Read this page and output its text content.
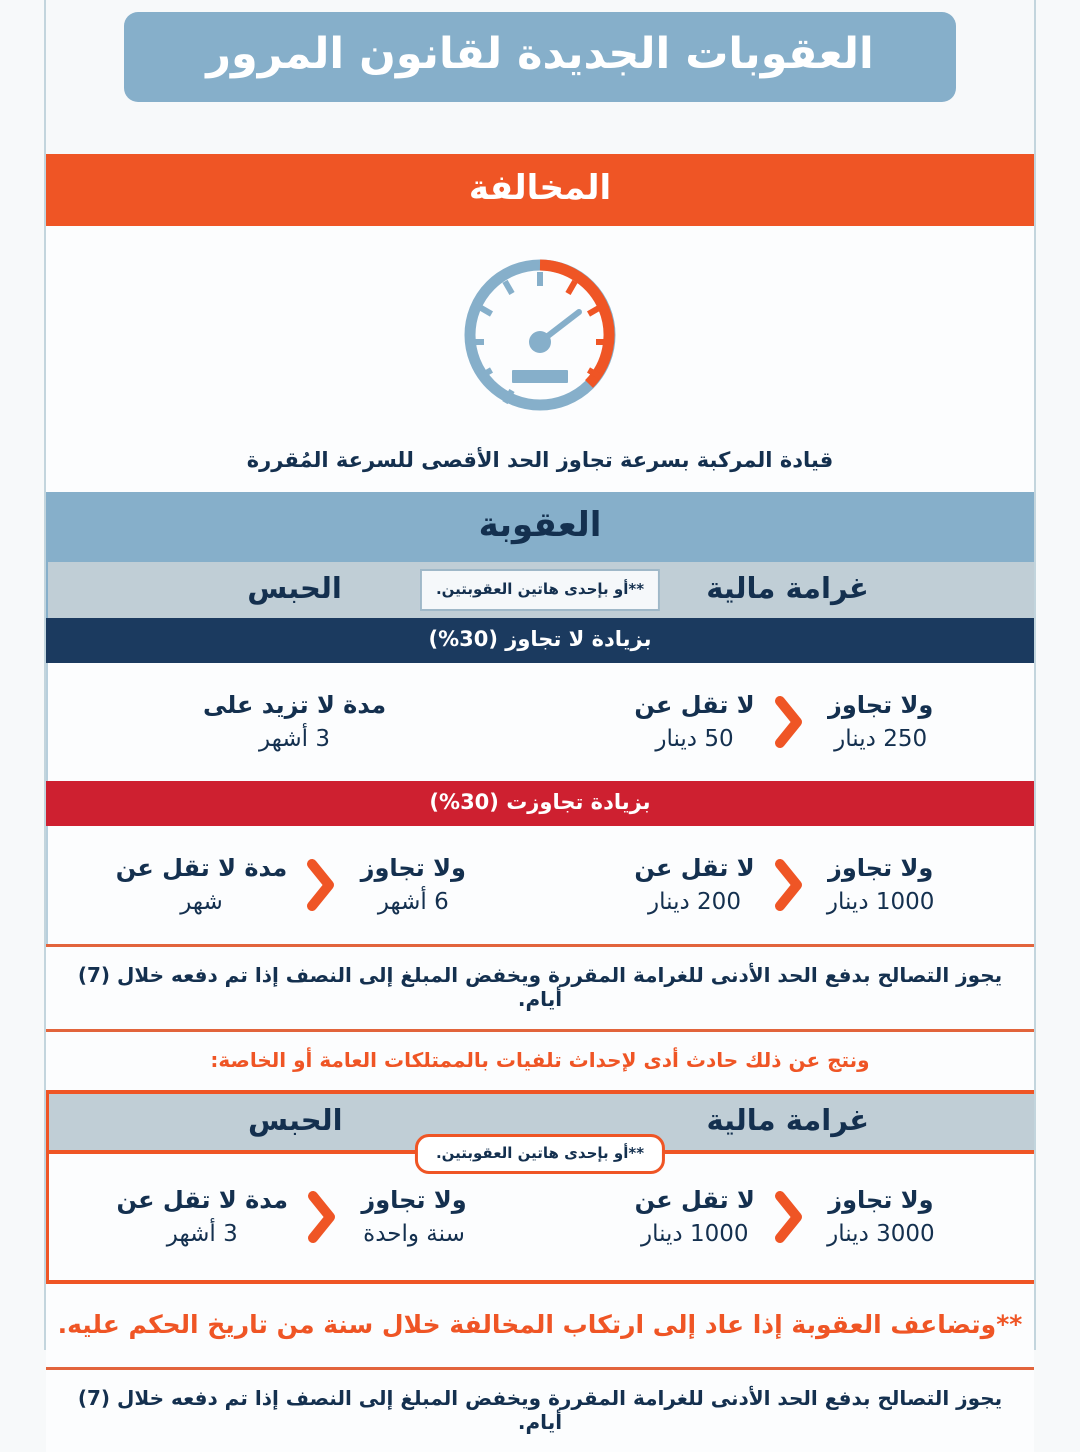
العقوبات الجديدة لقانون المرور
المخالفة
قيادة المركبة بسرعة تجاوز الحد الأقصى للسرعة المُقررة
العقوبة
غرامة مالية
الحبس	**أو بإحدى هاتين العقوبتين.
بزيادة لا تجاوز (30%)
ولا تجاوز
250 دينار
لا تقل عن
50 دينار
مدة لا تزيد على
3 أشهر
بزيادة تجاوزت (30%)
ولا تجاوز
1000 دينار
لا تقل عن
200 دينار
ولا تجاوز
6 أشهر
مدة لا تقل عن
شهر
يجوز التصالح بدفع الحد الأدنى للغرامة المقررة ويخفض المبلغ إلى النصف إذا تم دفعه خلال (7) أيام.
ونتج عن ذلك حادث أدى لإحداث تلفيات بالممتلكات العامة أو الخاصة:
غرامة مالية
الحبس
**أو بإحدى هاتين العقوبتين.
ولا تجاوز
3000 دينار
لا تقل عن
1000 دينار
ولا تجاوز
سنة واحدة
مدة لا تقل عن
3 أشهر
**وتضاعف العقوبة إذا عاد إلى ارتكاب المخالفة خلال سنة من تاريخ الحكم عليه.
يجوز التصالح بدفع الحد الأدنى للغرامة المقررة ويخفض المبلغ إلى النصف إذا تم دفعه خلال (7) أيام.
